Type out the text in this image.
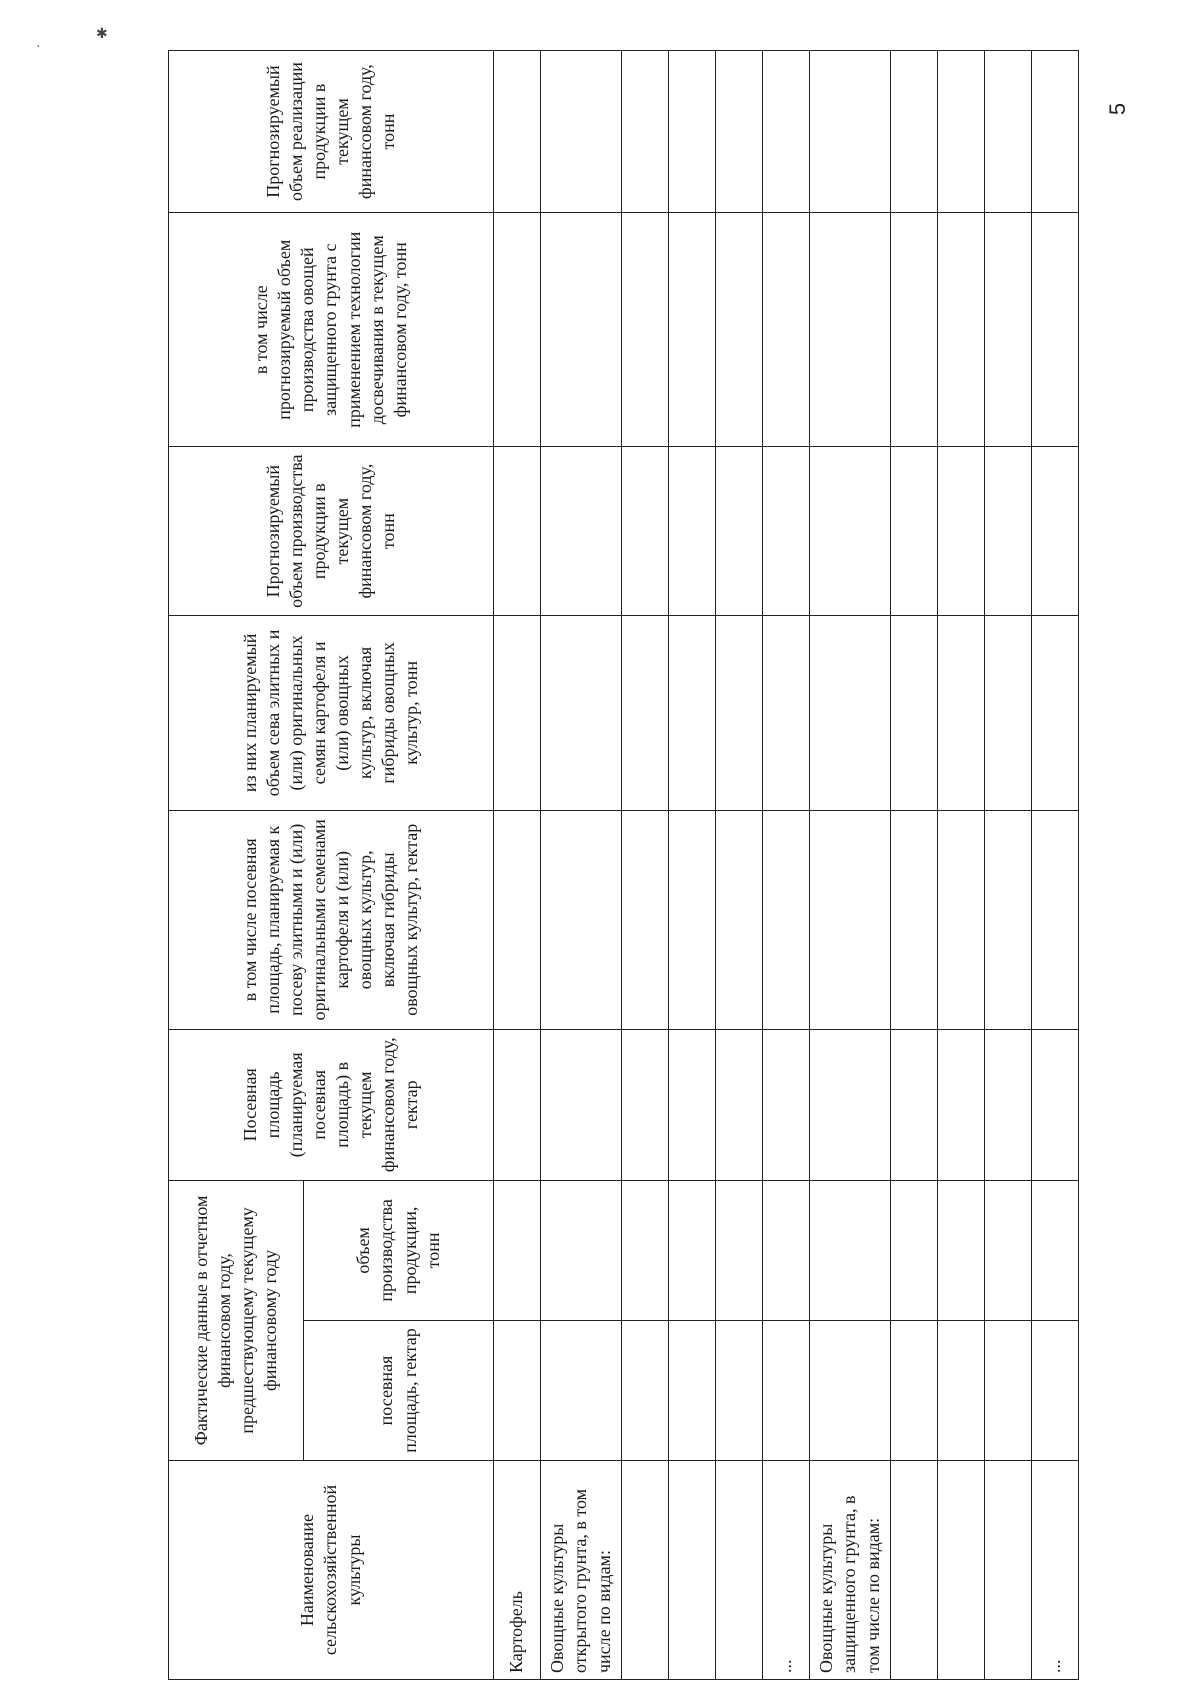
·
✱
5
Наименование сельскохозяйственной культуры	Фактические данные в отчетном финансовом году, предшествующему текущему финансовому году		Посевная площадь (планируемая посевная площадь) в текущем финансовом году, гектар	в том числе посевная площадь, планируемая к посеву элитными и (или) оригинальными семенами картофеля и (или) овощных культур, включая гибриды овощных культур, гектар	из них планируемый объем сева элитных и (или) оригинальных семян картофеля и (или) овощных культур, включая гибриды овощных культур, тонн	Прогнозируемый объем производства продукции в текущем финансовом году, тонн	в том числе прогнозируемый объем производства овощей защищенного грунта с применением технологии досвечивания в текущем финансовом году, тонн	Прогнозируемый объем реализации продукции в текущем финансовом году, тонн
	посевная площадь, гектар	объем производства продукции, тонн						
Картофель								
Овощные культуры открытого грунта, в том числе по видам:								

...								
Овощные культуры защищенного грунта, в том числе по видам:								

...								
